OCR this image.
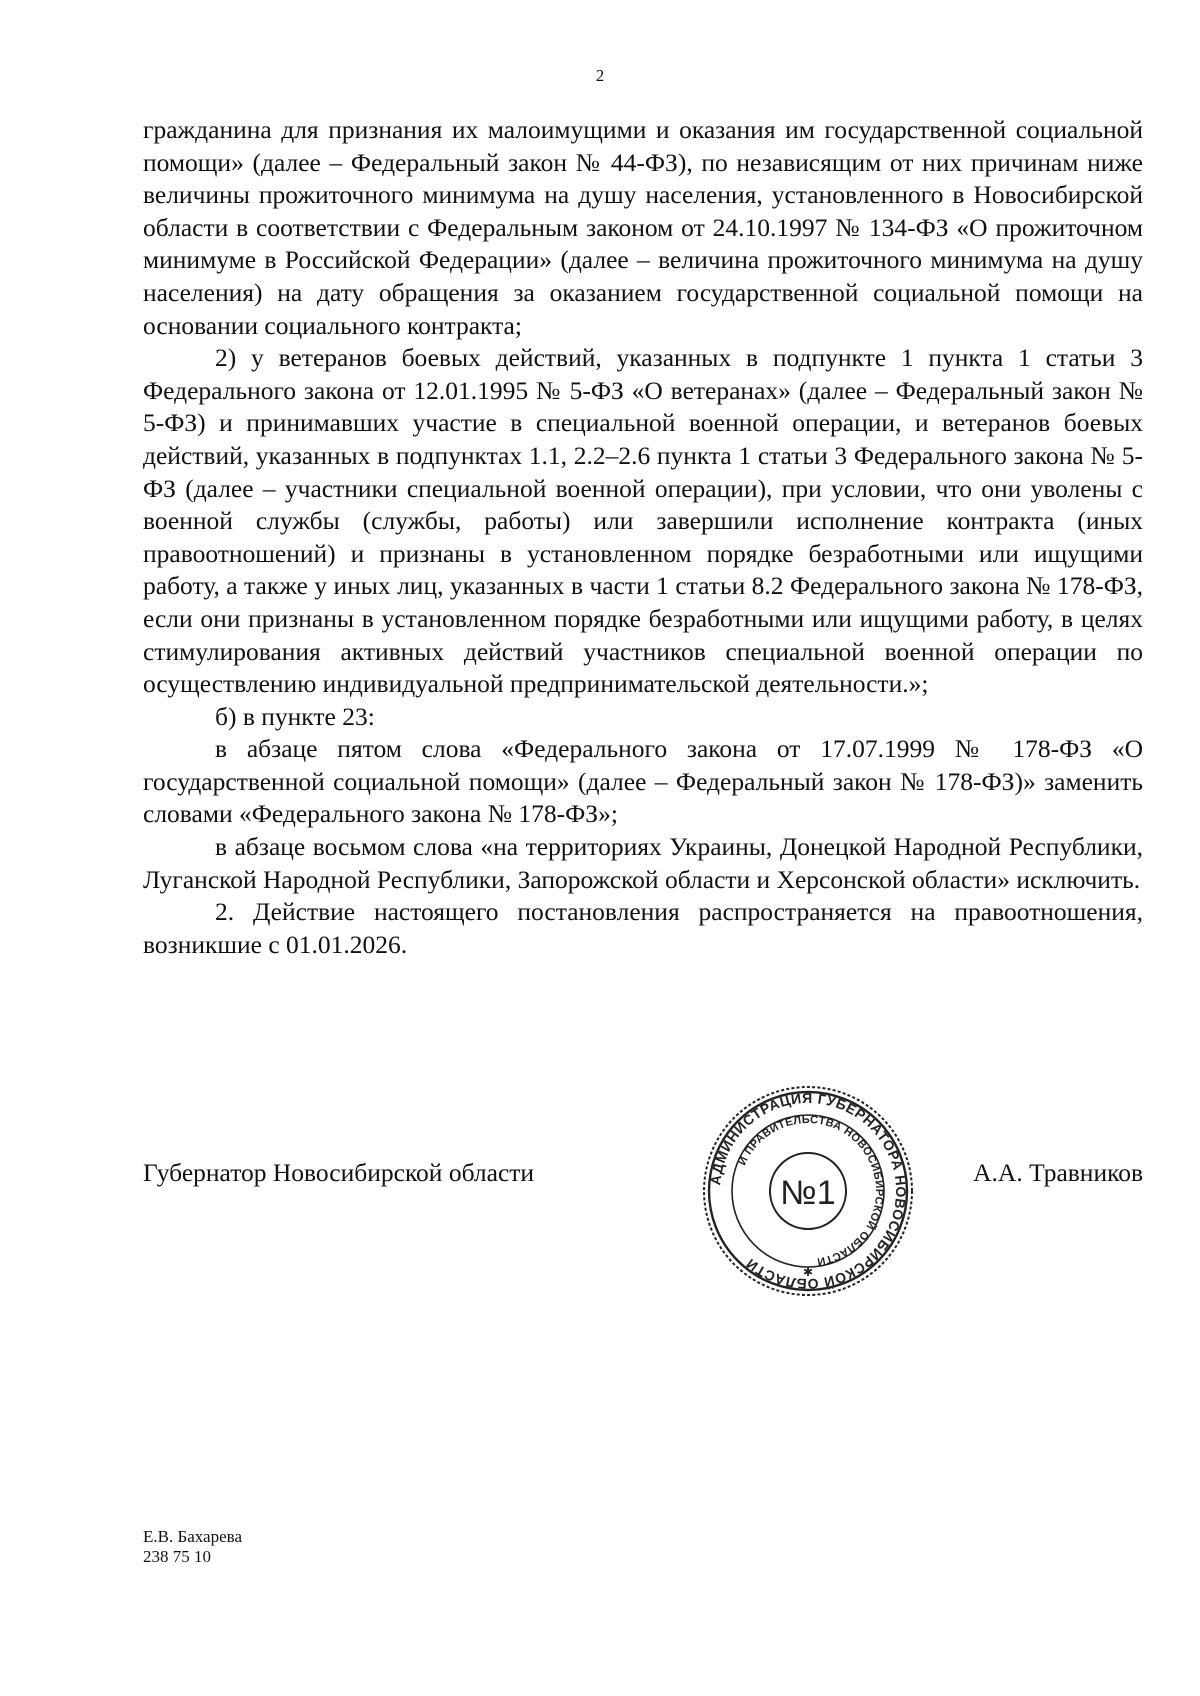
2

гражданина для признания их малоимущими и оказания им государственной социальной помощи» (далее – Федеральный закон № 44-ФЗ), по независящим от них причинам ниже величины прожиточного минимума на душу населения, установленного в Новосибирской области в соответствии с Федеральным законом от 24.10.1997 № 134-ФЗ «О прожиточном минимуме в Российской Федерации» (далее – величина прожиточного минимума на душу населения) на дату обращения за оказанием государственной социальной помощи на основании социального контракта;

2) у ветеранов боевых действий, указанных в подпункте 1 пункта 1 статьи 3 Федерального закона от 12.01.1995 № 5-ФЗ «О ветеранах» (далее – Федеральный закон № 5-ФЗ) и принимавших участие в специальной военной операции, и ветеранов боевых действий, указанных в подпунктах 1.1, 2.2–2.6 пункта 1 статьи 3 Федерального закона № 5-ФЗ (далее – участники специальной военной операции), при условии, что они уволены с военной службы (службы, работы) или завершили исполнение контракта (иных правоотношений) и признаны в установленном порядке безработными или ищущими работу, а также у иных лиц, указанных в части 1 статьи 8.2 Федерального закона № 178-ФЗ, если они признаны в установленном порядке безработными или ищущими работу, в целях стимулирования активных действий участников специальной военной операции по осуществлению индивидуальной предпринимательской деятельности.»;

б) в пункте 23:

в абзаце пятом слова «Федерального закона от 17.07.1999 № 178-ФЗ «О государственной социальной помощи» (далее – Федеральный закон № 178-ФЗ)» заменить словами «Федерального закона № 178-ФЗ»;

в абзаце восьмом слова «на территориях Украины, Донецкой Народной Республики, Луганской Народной Республики, Запорожской области и Херсонской области» исключить.

2. Действие настоящего постановления распространяется на правоотношения, возникшие с 01.01.2026.

Губернатор Новосибирской области	А.А. Травников
АДМИНИСТРАЦИЯ ГУБЕРНАТОРА НОВОСИБИРСКОЙ ОБЛАСТИ
И ПРАВИТЕЛЬСТВА НОВОСИБИРСКОЙ ОБЛАСТИ
№1
✱
Е.В. Бахарева
238 75 10
